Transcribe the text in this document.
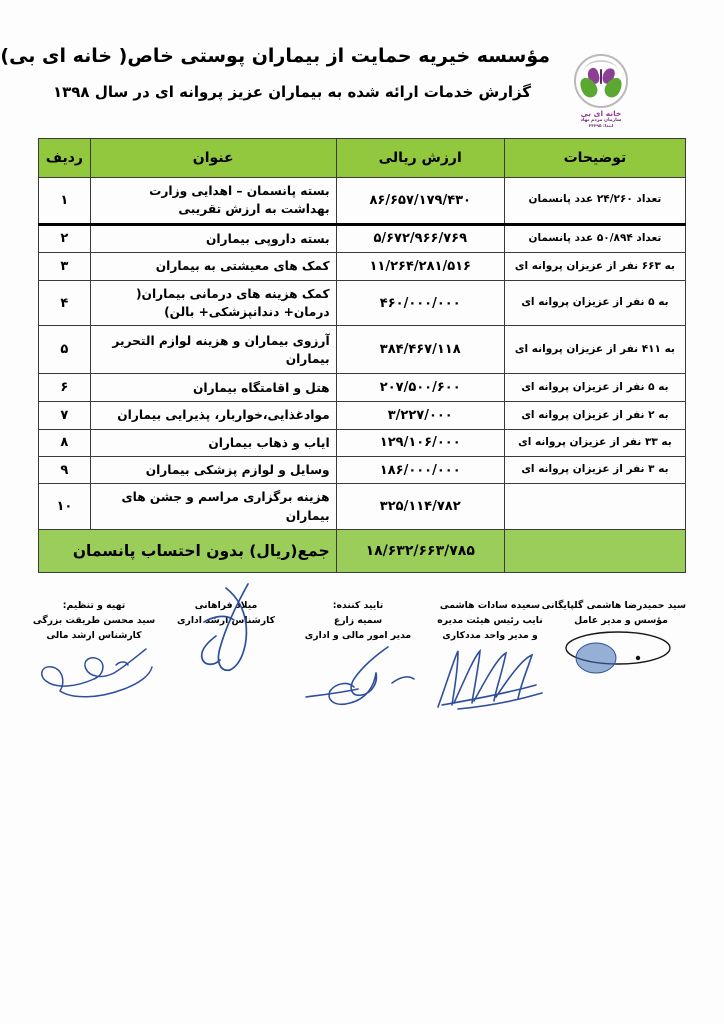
خانه ای بی
سازمان مردم نهاد
ابتدا: ۳۳۳۹۵
مؤسسه خیریه حمایت از بیماران پوستی خاص( خانه ای بی)
گزارش خدمات ارائه شده به بیماران عزیز پروانه ای در سال ۱۳۹۸
توضیحات	ارزش ریالی	عنوان	ردیف
تعداد ۲۴/۲۶۰ عدد پانسمان	۸۶/۶۵۷/۱۷۹/۴۳۰	بسته پانسمان – اهدایی وزارت بهداشت به ارزش تقریبی	۱
تعداد ۵۰/۸۹۴ عدد پانسمان	۵/۶۷۲/۹۶۶/۷۶۹	بسته داروپی بیماران	۲
به ۶۶۳ نفر از عزیزان پروانه ای	۱۱/۲۶۴/۲۸۱/۵۱۶	کمک های معیشتی به بیماران	۳
به ۵ نفر از عزیزان پروانه ای	۴۶۰/۰۰۰/۰۰۰	کمک هزینه های درمانی بیماران( درمان+ دندانپزشکی+ بالن)	۴
به ۴۱۱ نفر از عزیزان پروانه ای	۳۸۴/۴۶۷/۱۱۸	آرزوی بیماران و هزینه لوازم التحریر بیماران	۵
به ۵ نفر از عزیزان پروانه ای	۲۰۷/۵۰۰/۶۰۰	هتل و اقامتگاه بیماران	۶
به ۲ نفر از عزیزان پروانه ای	۳/۲۲۷/۰۰۰	موادغذایی،خواربار، پذیرایی بیماران	۷
به ۳۳ نفر از عزیزان پروانه ای	۱۲۹/۱۰۶/۰۰۰	ایاب و ذهاب بیماران	۸
به ۳ نفر از عزیزان پروانه ای	۱۸۶/۰۰۰/۰۰۰	وسایل و لوازم پزشکی بیماران	۹
	۳۲۵/۱۱۴/۷۸۲	هزینه برگزاری مراسم و جشن های بیماران	۱۰
	۱۸/۶۳۲/۶۶۳/۷۸۵	جمع(ریال) بدون احتساب پانسمان	
سید حمیدرضا هاشمی گلپایگانی
مؤسس و مدیر عامل
سعیده سادات هاشمی
نایب رئیس هیئت مدیره
و مدیر واحد مددکاری
تایید کننده:
سمیه زارع
مدیر امور مالی و اداری
میلاد فراهانی
کارشناس ارشد اداری
تهیه و تنظیم:
سید محسن طریقت بزرگی
کارشناس ارشد مالی
